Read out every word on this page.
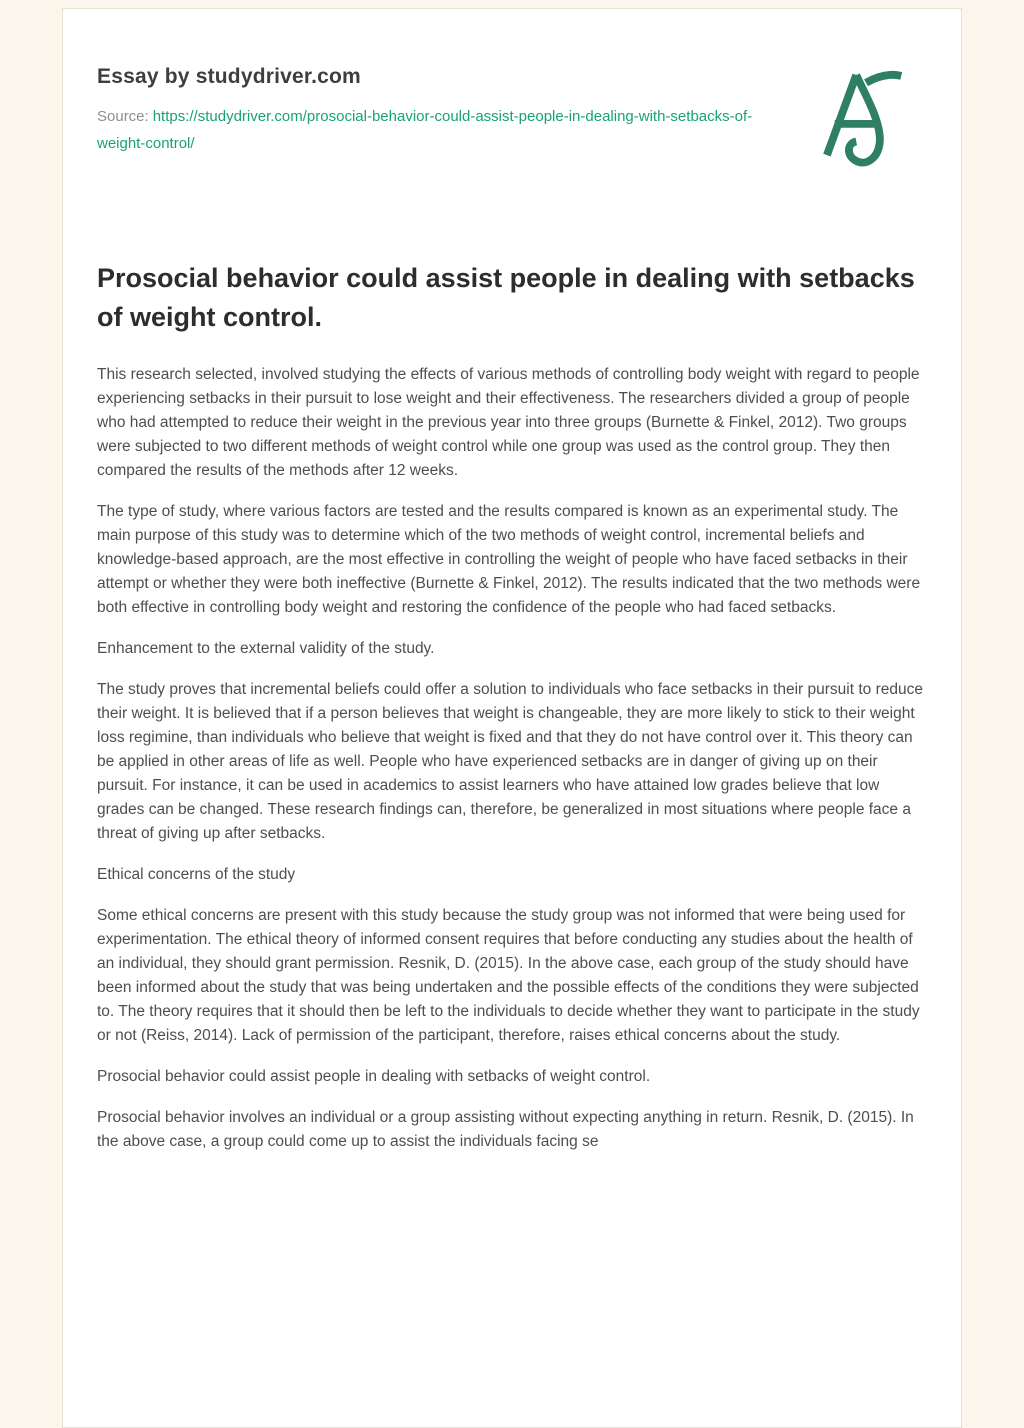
Essay by studydriver.com
Source: https://studydriver.com/prosocial-behavior-could-assist-people-in-dealing-with-setbacks-of-weight-control/
Prosocial behavior could assist people in dealing with setbacks of weight control.

This research selected, involved studying the effects of various methods of controlling body weight with regard to people experiencing setbacks in their pursuit to lose weight and their effectiveness. The researchers divided a group of people who had attempted to reduce their weight in the previous year into three groups (Burnette & Finkel, 2012). Two groups were subjected to two different methods of weight control while one group was used as the control group. They then compared the results of the methods after 12 weeks.

The type of study, where various factors are tested and the results compared is known as an experimental study. The main purpose of this study was to determine which of the two methods of weight control, incremental beliefs and knowledge-based approach, are the most effective in controlling the weight of people who have faced setbacks in their attempt or whether they were both ineffective (Burnette & Finkel, 2012). The results indicated that the two methods were both effective in controlling body weight and restoring the confidence of the people who had faced setbacks.

Enhancement to the external validity of the study.

The study proves that incremental beliefs could offer a solution to individuals who face setbacks in their pursuit to reduce their weight. It is believed that if a person believes that weight is changeable, they are more likely to stick to their weight loss regimine, than individuals who believe that weight is fixed and that they do not have control over it. This theory can be applied in other areas of life as well. People who have experienced setbacks are in danger of giving up on their pursuit. For instance, it can be used in academics to assist learners who have attained low grades believe that low grades can be changed. These research findings can, therefore, be generalized in most situations where people face a threat of giving up after setbacks.

Ethical concerns of the study

Some ethical concerns are present with this study because the study group was not informed that were being used for experimentation. The ethical theory of informed consent requires that before conducting any studies about the health of an individual, they should grant permission. Resnik, D. (2015). In the above case, each group of the study should have been informed about the study that was being undertaken and the possible effects of the conditions they were subjected to. The theory requires that it should then be left to the individuals to decide whether they want to participate in the study or not (Reiss, 2014). Lack of permission of the participant, therefore, raises ethical concerns about the study.

Prosocial behavior could assist people in dealing with setbacks of weight control.

Prosocial behavior involves an individual or a group assisting without expecting anything in return. Resnik, D. (2015). In the above case, a group could come up to assist the individuals facing se
